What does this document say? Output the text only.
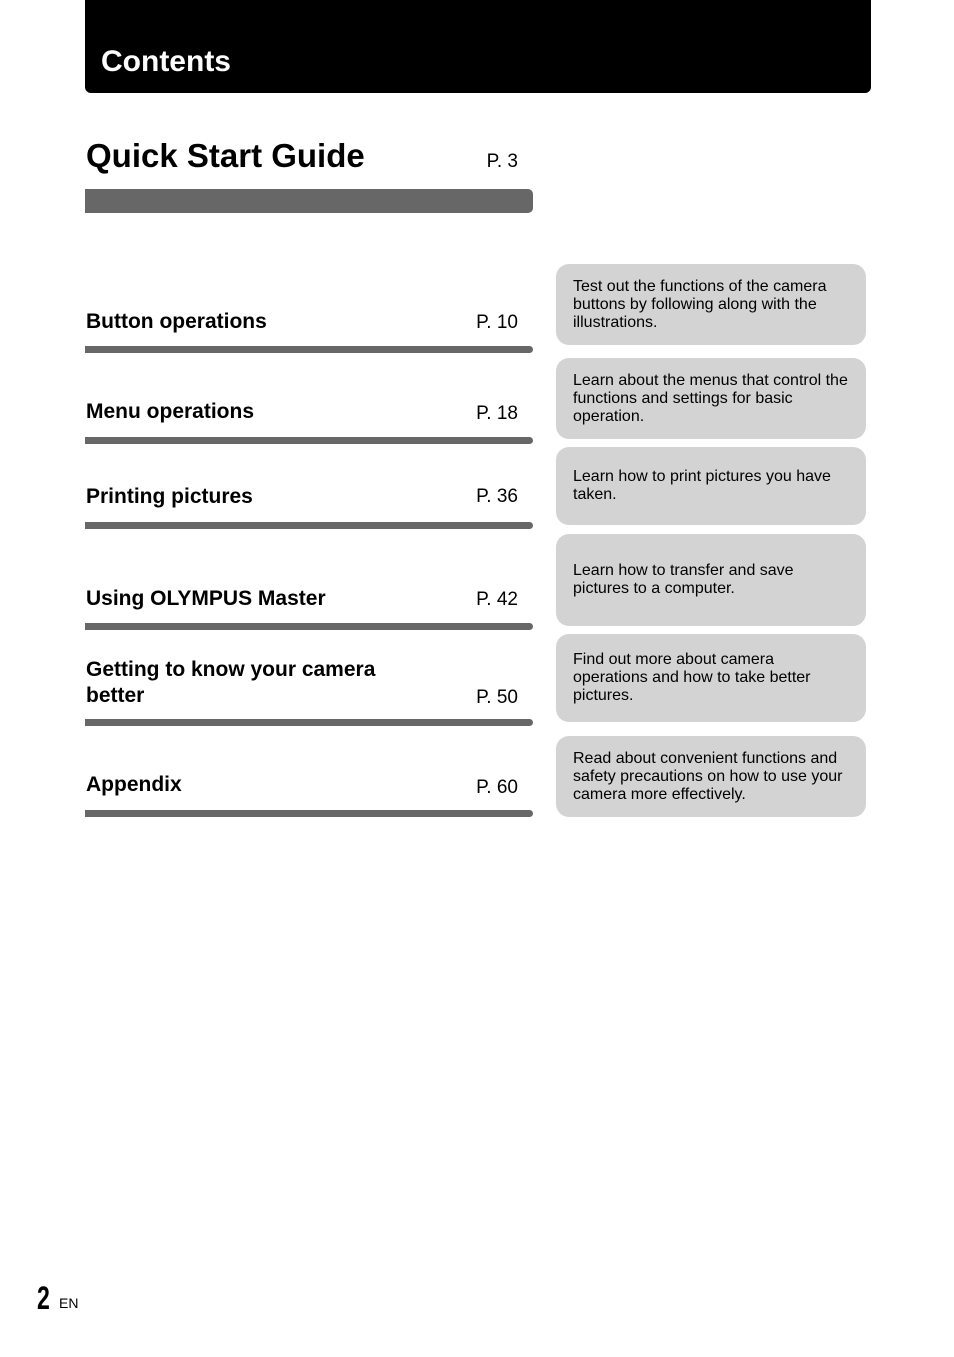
Contents
Quick Start Guide	P. 3
Button operations	P. 10
Test out the functions of the camera buttons by following along with the illustrations.
Menu operations	P. 18
Learn about the menus that control the functions and settings for basic operation.
Printing pictures	P. 36
Learn how to print pictures you have taken.
Using OLYMPUS Master	P. 42
Learn how to transfer and save pictures to a computer.
Getting to know your camera better	P. 50
Find out more about camera operations and how to take better pictures.
Appendix	P. 60
Read about convenient functions and safety precautions on how to use your camera more effectively.
2 EN
